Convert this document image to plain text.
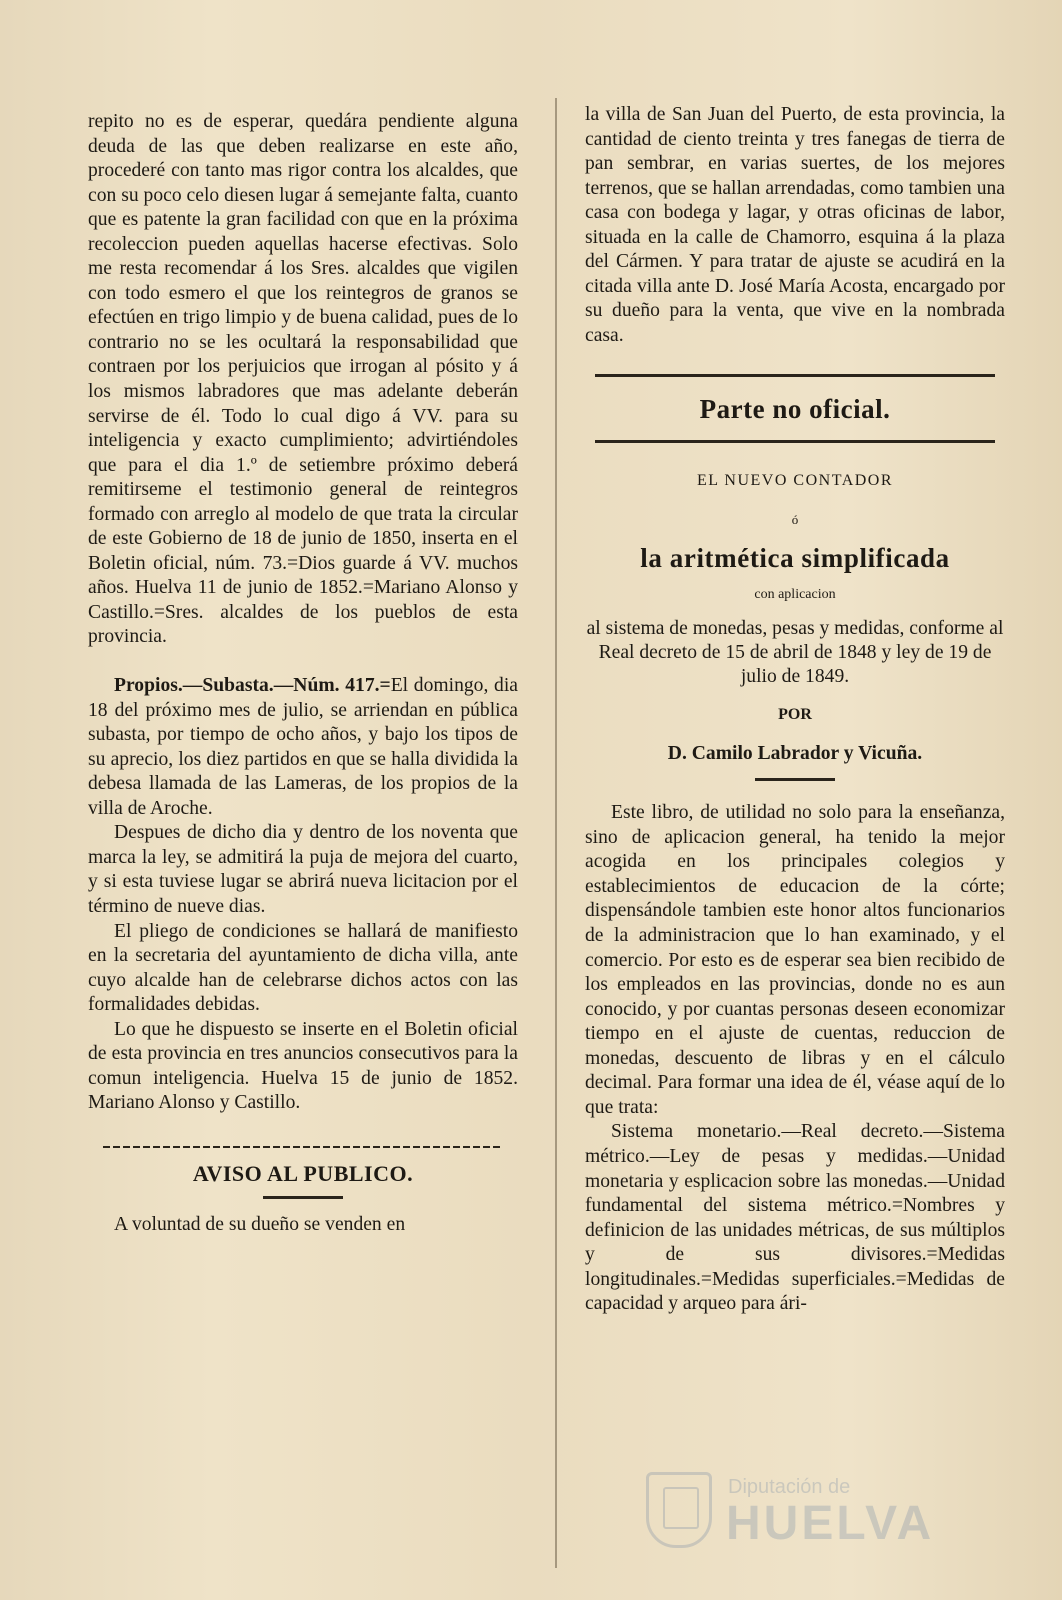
repito no es de esperar, quedára pendiente alguna deuda de las que deben realizarse en este año, procederé con tanto mas rigor contra los alcaldes, que con su poco celo diesen lugar á semejante falta, cuanto que es patente la gran facilidad con que en la próxima recoleccion pueden aquellas hacerse efectivas. Solo me resta recomendar á los Sres. alcaldes que vigilen con todo esmero el que los reintegros de granos se efectúen en trigo limpio y de buena calidad, pues de lo contrario no se les ocultará la responsabilidad que contraen por los perjuicios que irrogan al pósito y á los mismos labradores que mas adelante deberán servirse de él. Todo lo cual digo á VV. para su inteligencia y exacto cumplimiento; advirtiéndoles que para el dia 1.º de setiembre próximo deberá remitirseme el testimonio general de reintegros formado con arreglo al modelo de que trata la circular de este Gobierno de 18 de junio de 1850, inserta en el Boletin oficial, núm. 73.=Dios guarde á VV. muchos años. Huelva 11 de junio de 1852.=Mariano Alonso y Castillo.=Sres. alcaldes de los pueblos de esta provincia.

Propios.—Subasta.—Núm. 417.=El domingo, dia 18 del próximo mes de julio, se arriendan en pública subasta, por tiempo de ocho años, y bajo los tipos de su aprecio, los diez partidos en que se halla dividida la debesa llamada de las Lameras, de los propios de la villa de Aroche.

Despues de dicho dia y dentro de los noventa que marca la ley, se admitirá la puja de mejora del cuarto, y si esta tuviese lugar se abrirá nueva licitacion por el término de nueve dias.

El pliego de condiciones se hallará de manifiesto en la secretaria del ayuntamiento de dicha villa, ante cuyo alcalde han de celebrarse dichos actos con las formalidades debidas.

Lo que he dispuesto se inserte en el Boletin oficial de esta provincia en tres anuncios consecutivos para la comun inteligencia. Huelva 15 de junio de 1852. Mariano Alonso y Castillo.

AVISO AL PUBLICO.

A voluntad de su dueño se venden en

la villa de San Juan del Puerto, de esta provincia, la cantidad de ciento treinta y tres fanegas de tierra de pan sembrar, en varias suertes, de los mejores terrenos, que se hallan arrendadas, como tambien una casa con bodega y lagar, y otras oficinas de labor, situada en la calle de Chamorro, esquina á la plaza del Cármen. Y para tratar de ajuste se acudirá en la citada villa ante D. José María Acosta, encargado por su dueño para la venta, que vive en la nombrada casa.

Parte no oficial.

EL NUEVO CONTADOR

ó

la aritmética simplificada

con aplicacion

al sistema de monedas, pesas y medidas, conforme al Real decreto de 15 de abril de 1848 y ley de 19 de julio de 1849.

POR

D. Camilo Labrador y Vicuña.

Este libro, de utilidad no solo para la enseñanza, sino de aplicacion general, ha tenido la mejor acogida en los principales colegios y establecimientos de educacion de la córte; dispensándole tambien este honor altos funcionarios de la administracion que lo han examinado, y el comercio. Por esto es de esperar sea bien recibido de los empleados en las provincias, donde no es aun conocido, y por cuantas personas deseen economizar tiempo en el ajuste de cuentas, reduccion de monedas, descuento de libras y en el cálculo decimal. Para formar una idea de él, véase aquí de lo que trata:

Sistema monetario.—Real decreto.—Sistema métrico.—Ley de pesas y medidas.—Unidad monetaria y esplicacion sobre las monedas.—Unidad fundamental del sistema métrico.=Nombres y definicion de las unidades métricas, de sus múltiplos y de sus divisores.=Medidas longitudinales.=Medidas superficiales.=Medidas de capacidad y arqueo para ári-

Diputación de
HUELVA
